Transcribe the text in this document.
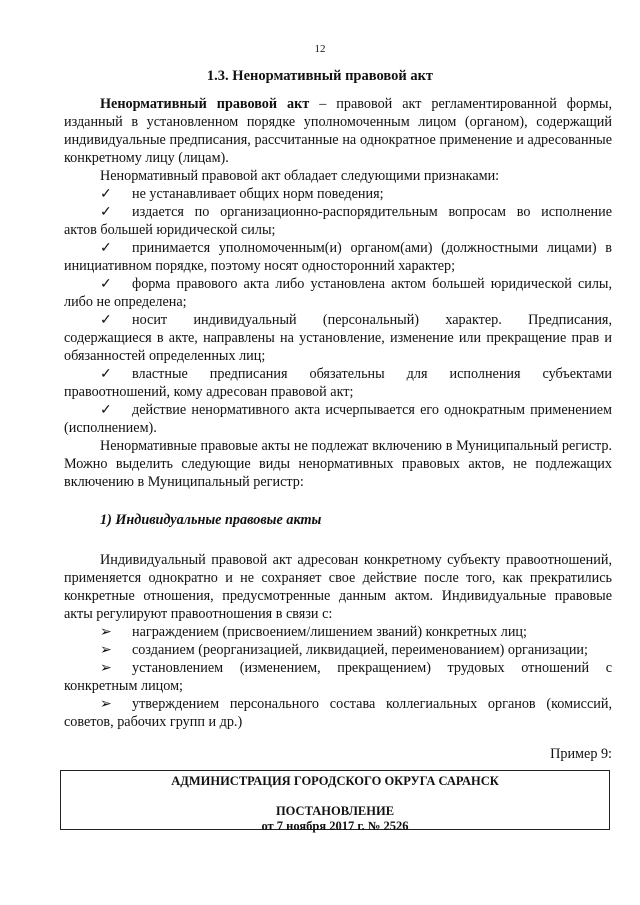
12
1.3. Ненормативный правовой акт

Ненормативный правовой акт – правовой акт регламентированной формы, изданный в установленном порядке уполномоченным лицом (органом), содержащий индивидуальные предписания, рассчитанные на однократное применение и адресованные конкретному лицу (лицам).

Ненормативный правовой акт обладает следующими признаками:

✓ не устанавливает общих норм поведения;

✓ издается по организационно-распорядительным вопросам во исполнение актов большей юридической силы;

✓ принимается уполномоченным(и) органом(ами) (должностными лицами) в инициативном порядке, поэтому носят односторонний характер;

✓ форма правового акта либо установлена актом большей юридической силы, либо не определена;

✓ носит индивидуальный (персональный) характер. Предписания, содержащиеся в акте, направлены на установление, изменение или прекращение прав и обязанностей определенных лиц;

✓ властные предписания обязательны для исполнения субъектами правоотношений, кому адресован правовой акт;

✓ действие ненормативного акта исчерпывается его однократным применением (исполнением).

Ненормативные правовые акты не подлежат включению в Муниципальный регистр. Можно выделить следующие виды ненормативных правовых актов, не подлежащих включению в Муниципальный регистр:

1) Индивидуальные правовые акты

Индивидуальный правовой акт адресован конкретному субъекту правоотношений, применяется однократно и не сохраняет свое действие после того, как прекратились конкретные отношения, предусмотренные данным актом. Индивидуальные правовые акты регулируют правоотношения в связи с:

➢ награждением (присвоением/лишением званий) конкретных лиц;

➢ созданием (реорганизацией, ликвидацией, переименованием) организации;

➢ установлением (изменением, прекращением) трудовых отношений с конкретным лицом;

➢ утверждением персонального состава коллегиальных органов (комиссий, советов, рабочих групп и др.)

Пример 9:

АДМИНИСТРАЦИЯ ГОРОДСКОГО ОКРУГА САРАНСК
ПОСТАНОВЛЕНИЕ
от 7 ноября 2017 г. № 2526
